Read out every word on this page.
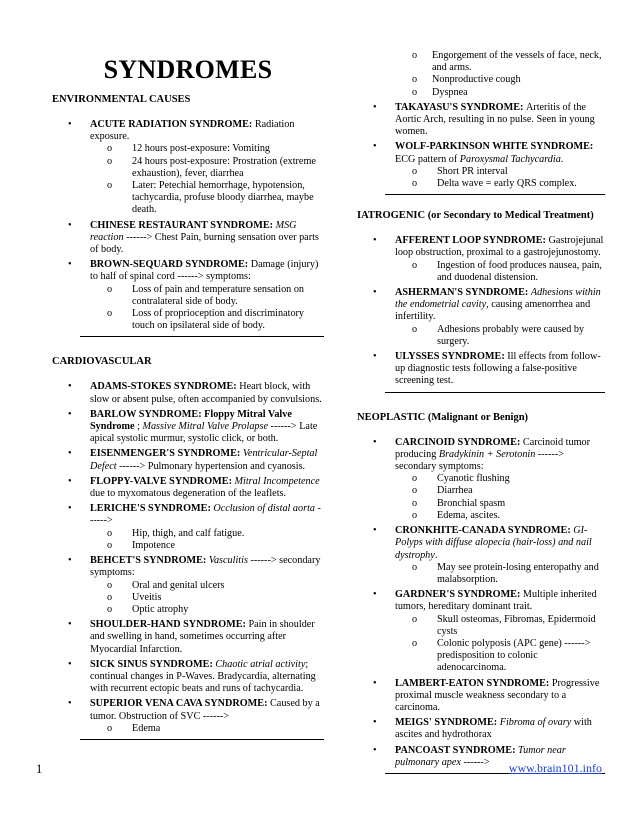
SYNDROMES
ENVIRONMENTAL CAUSES
• ACUTE RADIATION SYNDROME: Radiation exposure.
o 12 hours post-exposure: Vomiting
o 24 hours post-exposure: Prostration (extreme exhaustion), fever, diarrhea
o Later: Petechial hemorrhage, hypotension, tachycardia, profuse bloody diarrhea, maybe death.
• CHINESE RESTAURANT SYNDROME: MSG reaction ------> Chest Pain, burning sensation over parts of body.
• BROWN-SEQUARD SYNDROME: Damage (injury) to half of spinal cord ------> symptoms:
o Loss of pain and temperature sensation on contralateral side of body.
o Loss of proprioception and discriminatory touch on ipsilateral side of body.
CARDIOVASCULAR
• ADAMS-STOKES SYNDROME: Heart block, with slow or absent pulse, often accompanied by convulsions.
• BARLOW SYNDROME: Floppy Mitral Valve Syndrome ; Massive Mitral Valve Prolapse ------> Late apical systolic murmur, systolic click, or both.
• EISENMENGER'S SYNDROME: Ventricular-Septal Defect ------> Pulmonary hypertension and cyanosis.
• FLOPPY-VALVE SYNDROME: Mitral Incompetence due to myxomatous degeneration of the leaflets.
• LERICHE'S SYNDROME: Occlusion of distal aorta ------>
o Hip, thigh, and calf fatigue.
o Impotence
• BEHCET'S SYNDROME: Vasculitis ------> secondary symptoms:
o Oral and genital ulcers
o Uveitis
o Optic atrophy
• SHOULDER-HAND SYNDROME: Pain in shoulder and swelling in hand, sometimes occurring after Myocardial Infarction.
• SICK SINUS SYNDROME: Chaotic atrial activity; continual changes in P-Waves. Bradycardia, alternating with recurrent ectopic beats and runs of tachycardia.
• SUPERIOR VENA CAVA SYNDROME: Caused by a tumor. Obstruction of SVC ------>
o Edema
o Engorgement of the vessels of face, neck, and arms.
o Nonproductive cough
o Dyspnea
• TAKAYASU'S SYNDROME: Arteritis of the Aortic Arch, resulting in no pulse. Seen in young women.
• WOLF-PARKINSON WHITE SYNDROME: ECG pattern of Paroxysmal Tachycardia.
o Short PR interval
o Delta wave = early QRS complex.
IATROGENIC (or Secondary to Medical Treatment)
• AFFERENT LOOP SYNDROME: Gastrojejunal loop obstruction, proximal to a gastrojejunostomy.
o Ingestion of food produces nausea, pain, and duodenal distension.
• ASHERMAN'S SYNDROME: Adhesions within the endometrial cavity, causing amenorrhea and infertility.
o Adhesions probably were caused by surgery.
• ULYSSES SYNDROME: Ill effects from follow-up diagnostic tests following a false-positive screening test.
NEOPLASTIC (Malignant or Benign)
• CARCINOID SYNDROME: Carcinoid tumor producing Bradykinin + Serotonin ------> secondary symptoms:
o Cyanotic flushing
o Diarrhea
o Bronchial spasm
o Edema, ascites.
• CRONKHITE-CANADA SYNDROME: GI-Polyps with diffuse alopecia (hair-loss) and nail dystrophy.
o May see protein-losing enteropathy and malabsorption.
• GARDNER'S SYNDROME: Multiple inherited tumors, hereditary dominant trait.
o Skull osteomas, Fibromas, Epidermoid cysts
o Colonic polyposis (APC gene) ------> predisposition to colonic adenocarcinoma.
• LAMBERT-EATON SYNDROME: Progressive proximal muscle weakness secondary to a carcinoma.
• MEIGS' SYNDROME: Fibroma of ovary with ascites and hydrothorax
• PANCOAST SYNDROME: Tumor near pulmonary apex ------>
1	www.brain101.info
